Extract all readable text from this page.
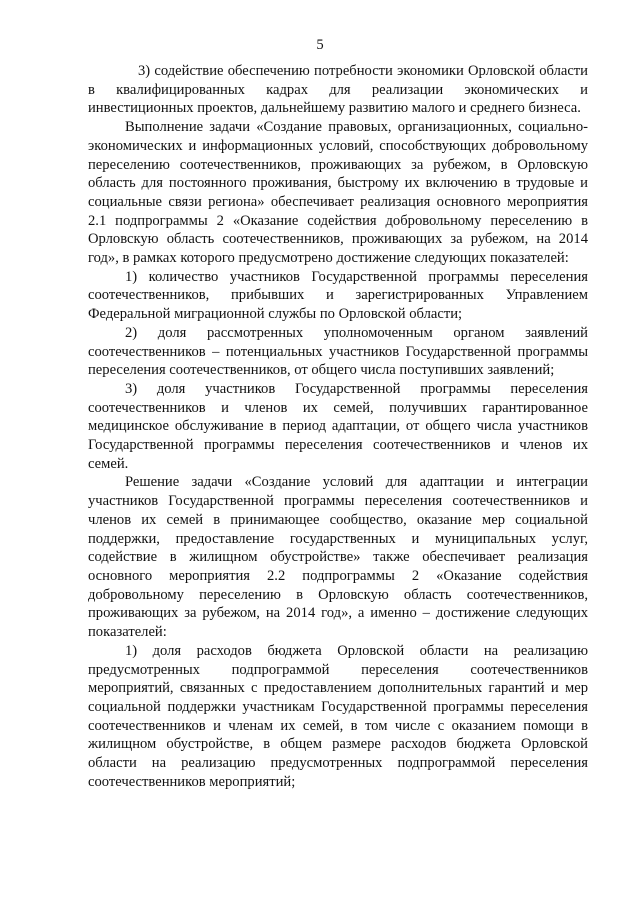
5

3) содействие обеспечению потребности экономики Орловской области в квалифицированных кадрах для реализации экономических и инвестиционных проектов, дальнейшему развитию малого и среднего бизнеса.

Выполнение задачи «Создание правовых, организационных, социально-экономических и информационных условий, способствующих добровольному переселению соотечественников, проживающих за рубежом, в Орловскую область для постоянного проживания, быстрому их включению в трудовые и социальные связи региона» обеспечивает реализация основного мероприятия 2.1 подпрограммы 2 «Оказание содействия добровольному переселению в Орловскую область соотечественников, проживающих за рубежом, на 2014 год», в рамках которого предусмотрено достижение следующих показателей:

1) количество участников Государственной программы переселения соотечественников, прибывших и зарегистрированных Управлением Федеральной миграционной службы по Орловской области;

2) доля рассмотренных уполномоченным органом заявлений соотечественников – потенциальных участников Государственной программы переселения соотечественников, от общего числа поступивших заявлений;

3) доля участников Государственной программы переселения соотечественников и членов их семей, получивших гарантированное медицинское обслуживание в период адаптации, от общего числа участников Государственной программы переселения соотечественников и членов их семей.

Решение задачи «Создание условий для адаптации и интеграции участников Государственной программы переселения соотечественников и членов их семей в принимающее сообщество, оказание мер социальной поддержки, предоставление государственных и муниципальных услуг, содействие в жилищном обустройстве» также обеспечивает реализация основного мероприятия 2.2 подпрограммы 2 «Оказание содействия добровольному переселению в Орловскую область соотечественников, проживающих за рубежом, на 2014 год», а именно – достижение следующих показателей:

1) доля расходов бюджета Орловской области на реализацию предусмотренных подпрограммой переселения соотечественников мероприятий, связанных с предоставлением дополнительных гарантий и мер социальной поддержки участникам Государственной программы переселения соотечественников и членам их семей, в том числе с оказанием помощи в жилищном обустройстве, в общем размере расходов бюджета Орловской области на реализацию предусмотренных подпрограммой переселения соотечественников мероприятий;
